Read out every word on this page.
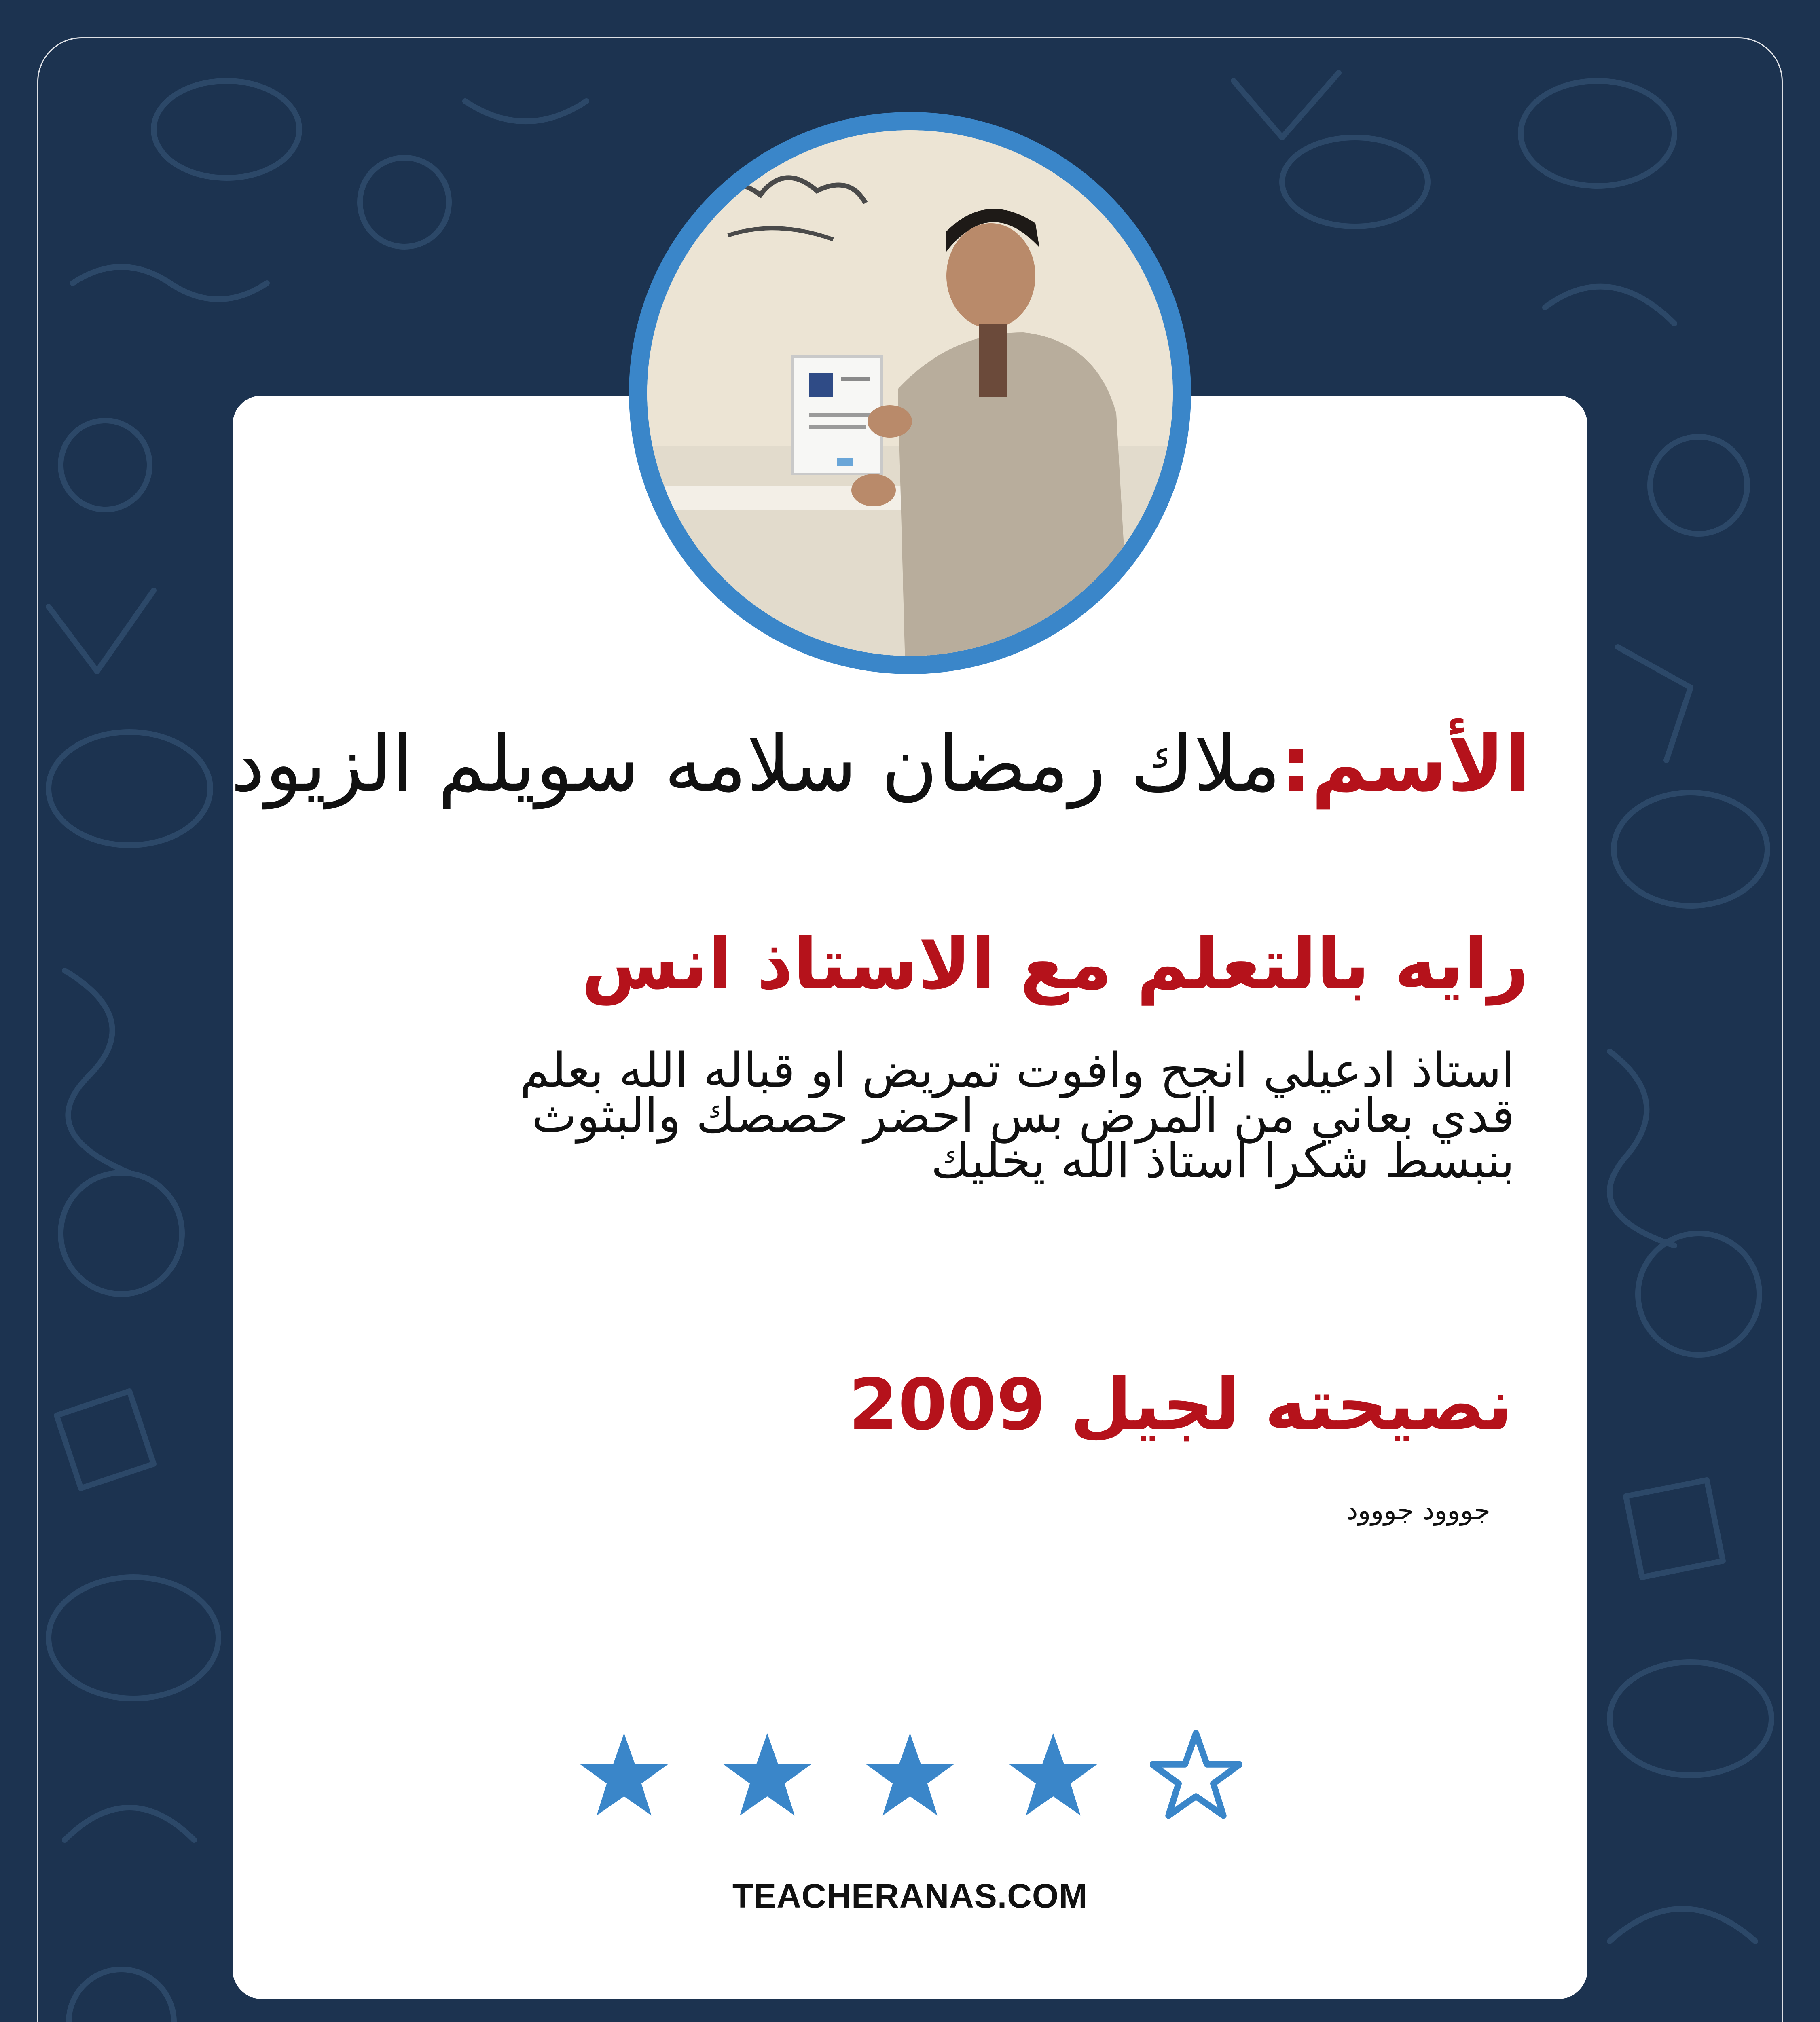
الأسم:ملاك رمضان سلامه سويلم الزيود
رايه بالتعلم مع الاستاذ انس
استاذ ادعيلي انجح وافوت تمريض او قباله الله بعلم
قدي بعاني من المرض بس احضر حصصك والبثوث
بنبسط شكرا استاذ الله يخليك
نصيحته لجيل 2009
جووود جووود
TEACHERANAS.COM
